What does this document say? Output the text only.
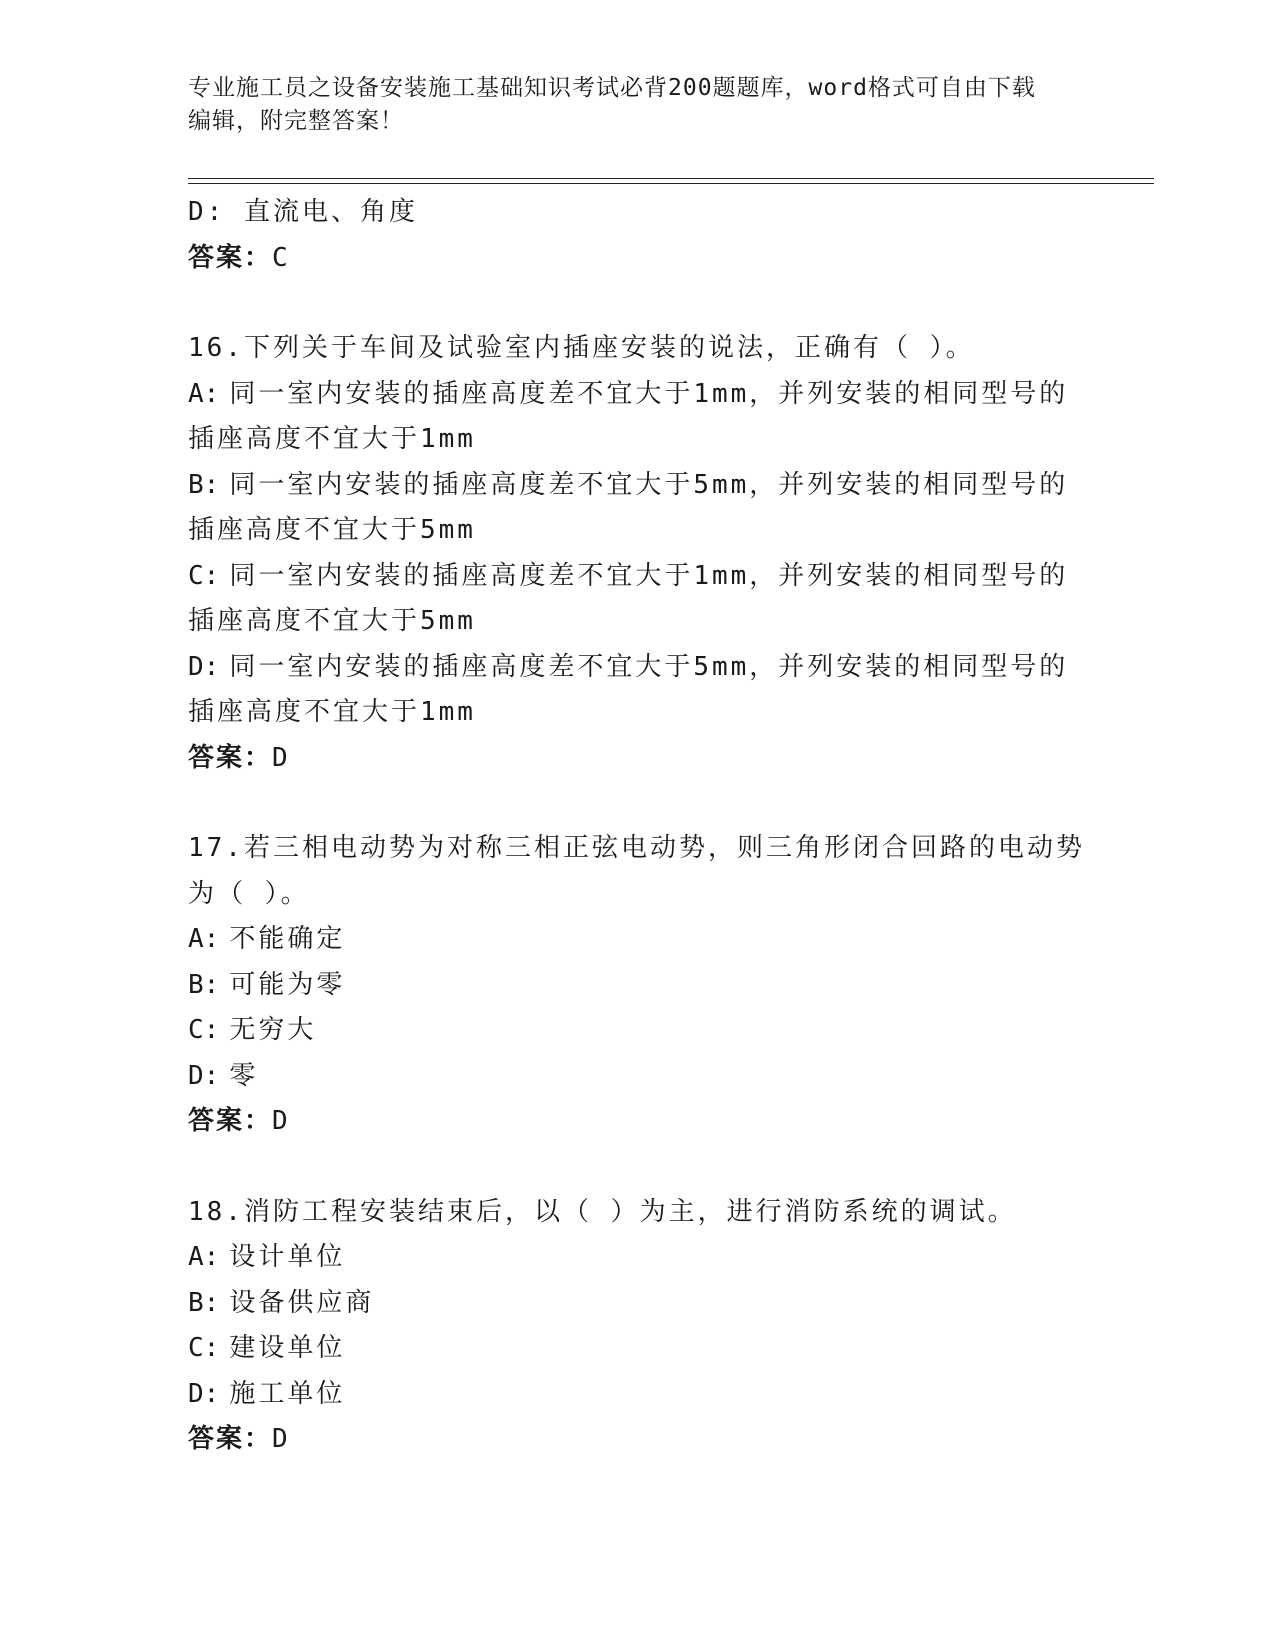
专业施工员之设备安装施工基础知识考试必背200题题库，word格式可自由下载
编辑，附完整答案！
D: 直流电、角度
答案：C
16.下列关于车间及试验室内插座安装的说法，正确有（ ）。
A: 同一室内安装的插座高度差不宜大于1mm，并列安装的相同型号的
插座高度不宜大于1mm
B: 同一室内安装的插座高度差不宜大于5mm，并列安装的相同型号的
插座高度不宜大于5mm
C: 同一室内安装的插座高度差不宜大于1mm，并列安装的相同型号的
插座高度不宜大于5mm
D: 同一室内安装的插座高度差不宜大于5mm，并列安装的相同型号的
插座高度不宜大于1mm
答案：D
17.若三相电动势为对称三相正弦电动势，则三角形闭合回路的电动势
为（ ）。
A: 不能确定
B: 可能为零
C: 无穷大
D: 零
答案：D
18.消防工程安装结束后，以（ ）为主，进行消防系统的调试。
A: 设计单位
B: 设备供应商
C: 建设单位
D: 施工单位
答案：D
